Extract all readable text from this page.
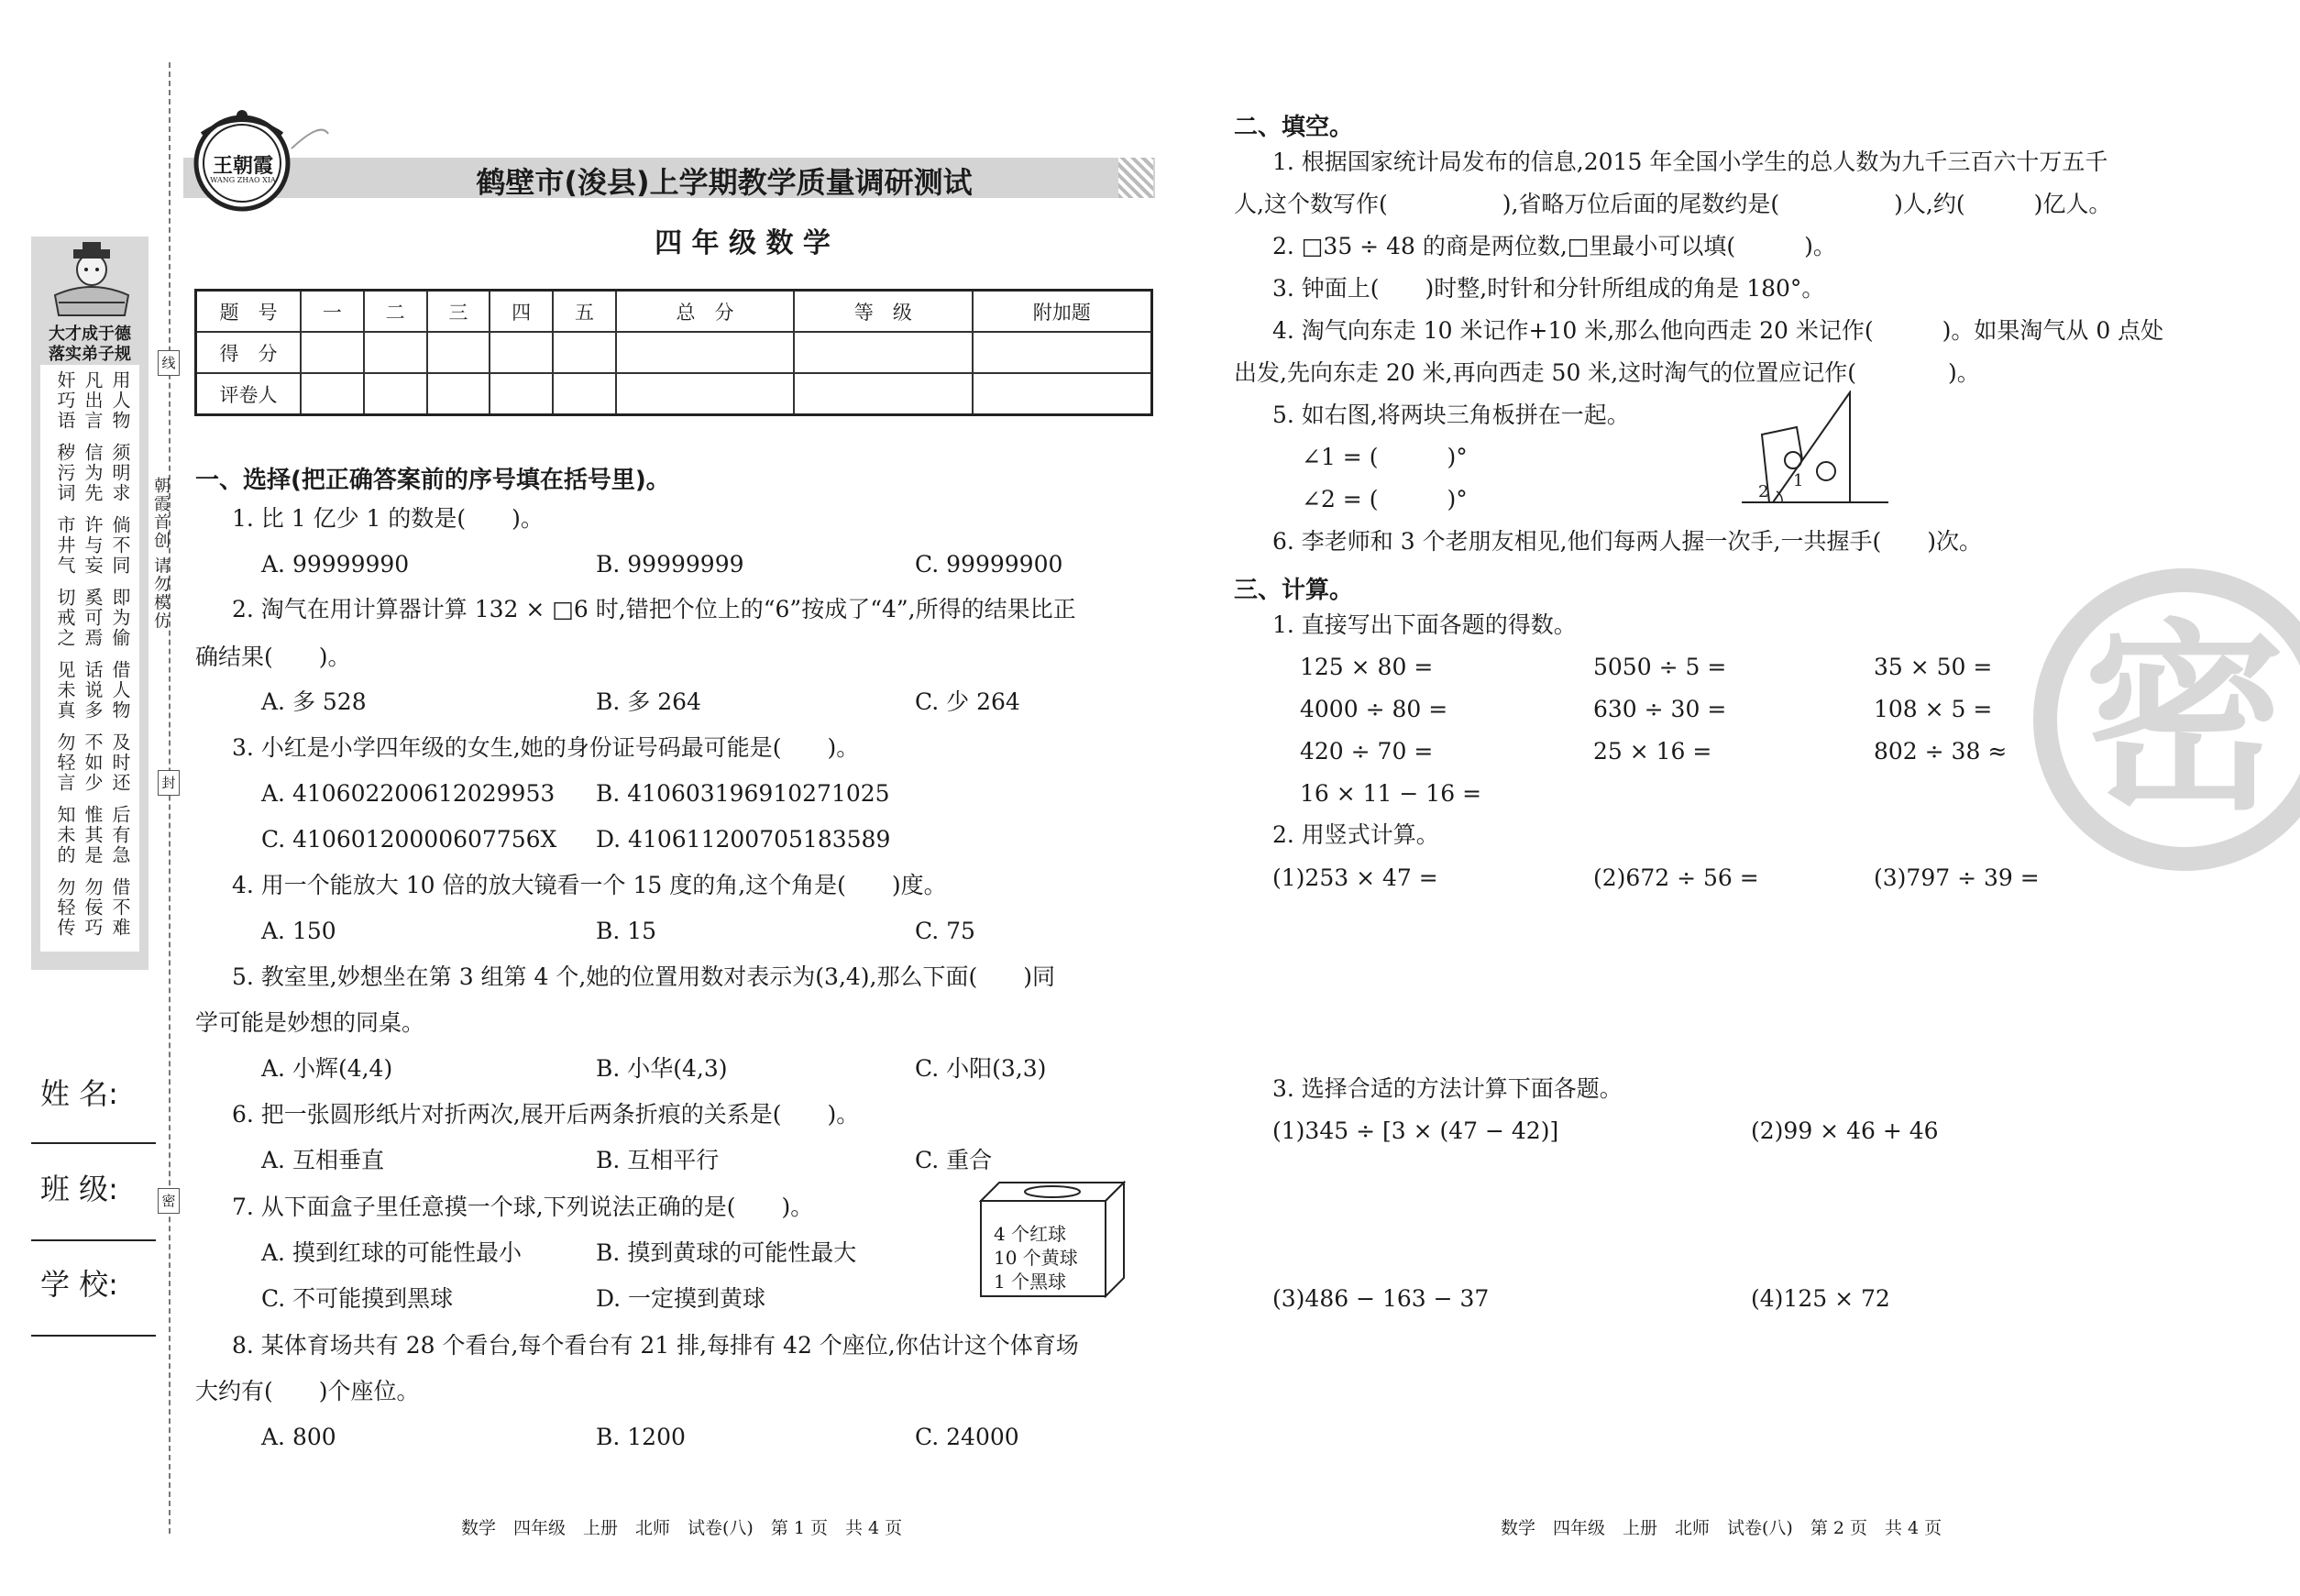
大才成于德
落实弟子规
用人物
凡出言
奸巧语
须明求
信为先
秽污词
倘不同
许与妄
市井气
即为偷
奚可焉
切戒之
借人物
话说多
见未真
及时还
不如少
勿轻言
后有急
惟其是
知未的
借不难
勿佞巧
勿轻传
朝霞首创 请勿模仿
线
封
密
姓 名:
班 级:
学 校:
王朝霞
WANG ZHAO XIA	鹤壁市(浚县)上学期教学质量调研测试
四 年 级 数 学
题　号	一	二	三	四	五	总　分	等　级	附加题
得　分								
评卷人								
一、选择(把正确答案前的序号填在括号里)。
1. 比 1 亿少 1 的数是(　　)。
A. 99999990	B. 99999999	C. 99999900
2. 淘气在用计算器计算 132 × □6 时,错把个位上的“6”按成了“4”,所得的结果比正
确结果(　　)。
A. 多 528	B. 多 264	C. 少 264
3. 小红是小学四年级的女生,她的身份证号码最可能是(　　)。
A. 410602200612029953 B. 410603196910271025
C. 41060120000607756X D. 410611200705183589
4. 用一个能放大 10 倍的放大镜看一个 15 度的角,这个角是(　　)度。
A. 150	B. 15	C. 75
5. 教室里,妙想坐在第 3 组第 4 个,她的位置用数对表示为(3,4),那么下面(　　)同
学可能是妙想的同桌。
A. 小辉(4,4)	B. 小华(4,3)	C. 小阳(3,3)
6. 把一张圆形纸片对折两次,展开后两条折痕的关系是(　　)。
A. 互相垂直	B. 互相平行	C. 重合
7. 从下面盒子里任意摸一个球,下列说法正确的是(　　)。
A. 摸到红球的可能性最小	B. 摸到黄球的可能性最大
C. 不可能摸到黑球	D. 一定摸到黄球
4 个红球
10 个黄球
1 个黑球
8. 某体育场共有 28 个看台,每个看台有 21 排,每排有 42 个座位,你估计这个体育场
大约有(　　)个座位。
A. 800	B. 1200	C. 24000
数学　四年级　上册　北师　试卷(八)　第 1 页　共 4 页
密
二、填空。
1. 根据国家统计局发布的信息,2015 年全国小学生的总人数为九千三百六十万五千
人,这个数写作(　　　　　),省略万位后面的尾数约是(　　　　　)人,约(　　　)亿人。
2. □35 ÷ 48 的商是两位数,□里最小可以填(　　　)。
3. 钟面上(　　)时整,时针和分针所组成的角是 180°。
4. 淘气向东走 10 米记作+10 米,那么他向西走 20 米记作(　　　)。如果淘气从 0 点处
出发,先向东走 20 米,再向西走 50 米,这时淘气的位置应记作(　　　　)。
5. 如右图,将两块三角板拼在一起。
∠1 = (　　　)°
∠2 = (　　　)°
1
2
6. 李老师和 3 个老朋友相见,他们每两人握一次手,一共握手(　　)次。
三、计算。
1. 直接写出下面各题的得数。
125 × 80 =	5050 ÷ 5 =	35 × 50 =
4000 ÷ 80 =	630 ÷ 30 =	108 × 5 =
420 ÷ 70 =	25 × 16 =	802 ÷ 38 ≈
16 × 11 − 16 =
2. 用竖式计算。
(1)253 × 47 =	(2)672 ÷ 56 =	(3)797 ÷ 39 =
3. 选择合适的方法计算下面各题。
(1)345 ÷ [3 × (47 − 42)]	(2)99 × 46 + 46
(3)486 − 163 − 37	(4)125 × 72
数学　四年级　上册　北师　试卷(八)　第 2 页　共 4 页
